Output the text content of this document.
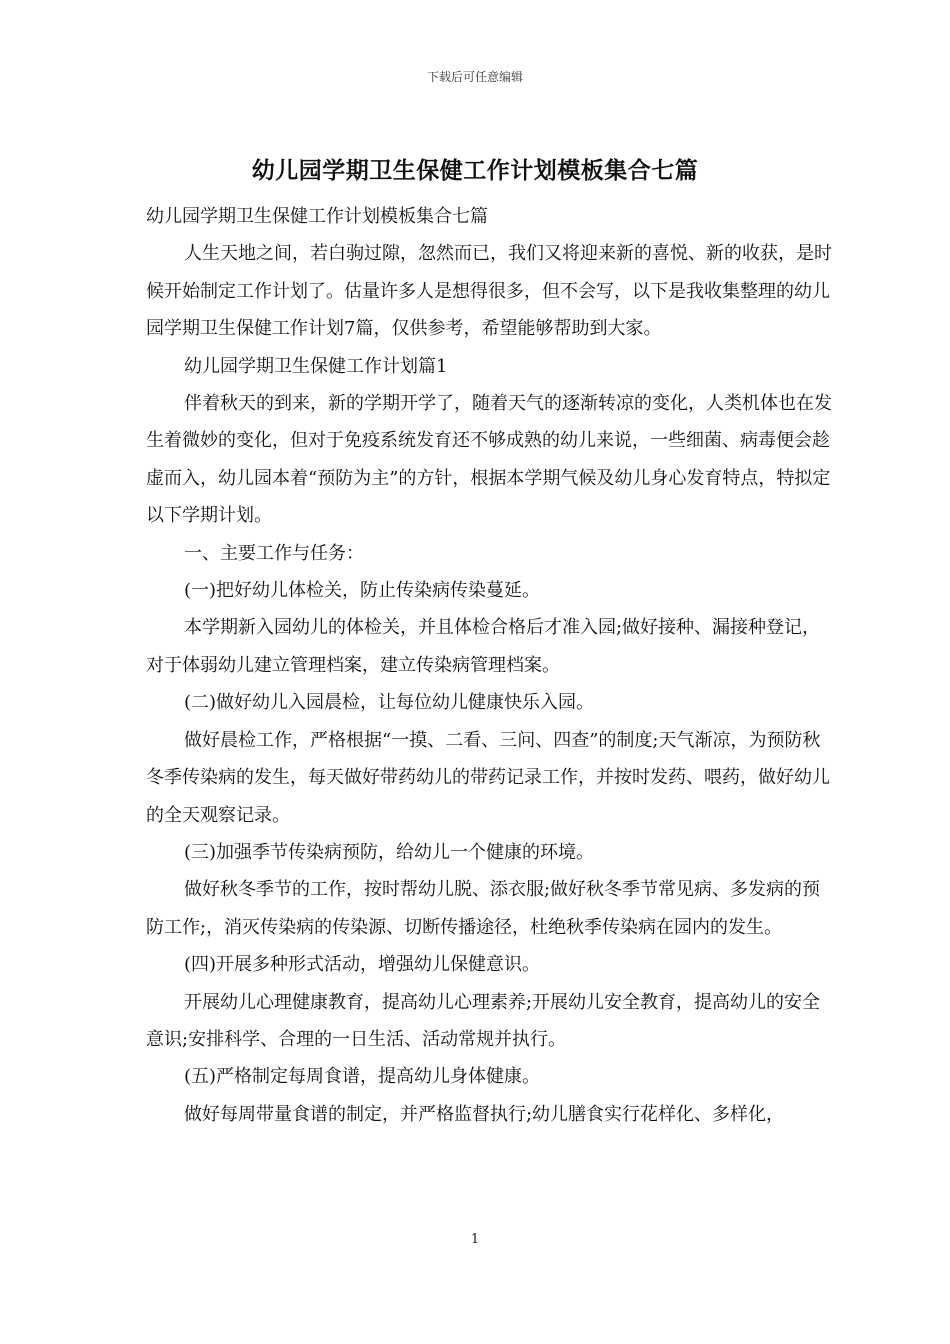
下载后可任意编辑
幼儿园学期卫生保健工作计划模板集合七篇

幼儿园学期卫生保健工作计划模板集合七篇

人生天地之间，若白驹过隙，忽然而已，我们又将迎来新的喜悦、新的收获，是时候开始制定工作计划了。估量许多人是想得很多，但不会写，以下是我收集整理的幼儿园学期卫生保健工作计划7篇，仅供参考，希望能够帮助到大家。

幼儿园学期卫生保健工作计划篇1

伴着秋天的到来，新的学期开学了，随着天气的逐渐转凉的变化，人类机体也在发生着微妙的变化，但对于免疫系统发育还不够成熟的幼儿来说，一些细菌、病毒便会趁虚而入，幼儿园本着“预防为主”的方针，根据本学期气候及幼儿身心发育特点，特拟定以下学期计划。

一、主要工作与任务：

(一)把好幼儿体检关，防止传染病传染蔓延。

本学期新入园幼儿的体检关，并且体检合格后才准入园;做好接种、漏接种登记，对于体弱幼儿建立管理档案，建立传染病管理档案。

(二)做好幼儿入园晨检，让每位幼儿健康快乐入园。

做好晨检工作，严格根据“一摸、二看、三问、四查”的制度;天气渐凉，为预防秋冬季传染病的发生，每天做好带药幼儿的带药记录工作，并按时发药、喂药，做好幼儿的全天观察记录。

(三)加强季节传染病预防，给幼儿一个健康的环境。

做好秋冬季节的工作，按时帮幼儿脱、添衣服;做好秋冬季节常见病、多发病的预防工作;，消灭传染病的传染源、切断传播途径，杜绝秋季传染病在园内的发生。

(四)开展多种形式活动，增强幼儿保健意识。

开展幼儿心理健康教育，提高幼儿心理素养;开展幼儿安全教育，提高幼儿的安全意识;安排科学、合理的一日生活、活动常规并执行。

(五)严格制定每周食谱，提高幼儿身体健康。

做好每周带量食谱的制定，并严格监督执行;幼儿膳食实行花样化、多样化，

1
